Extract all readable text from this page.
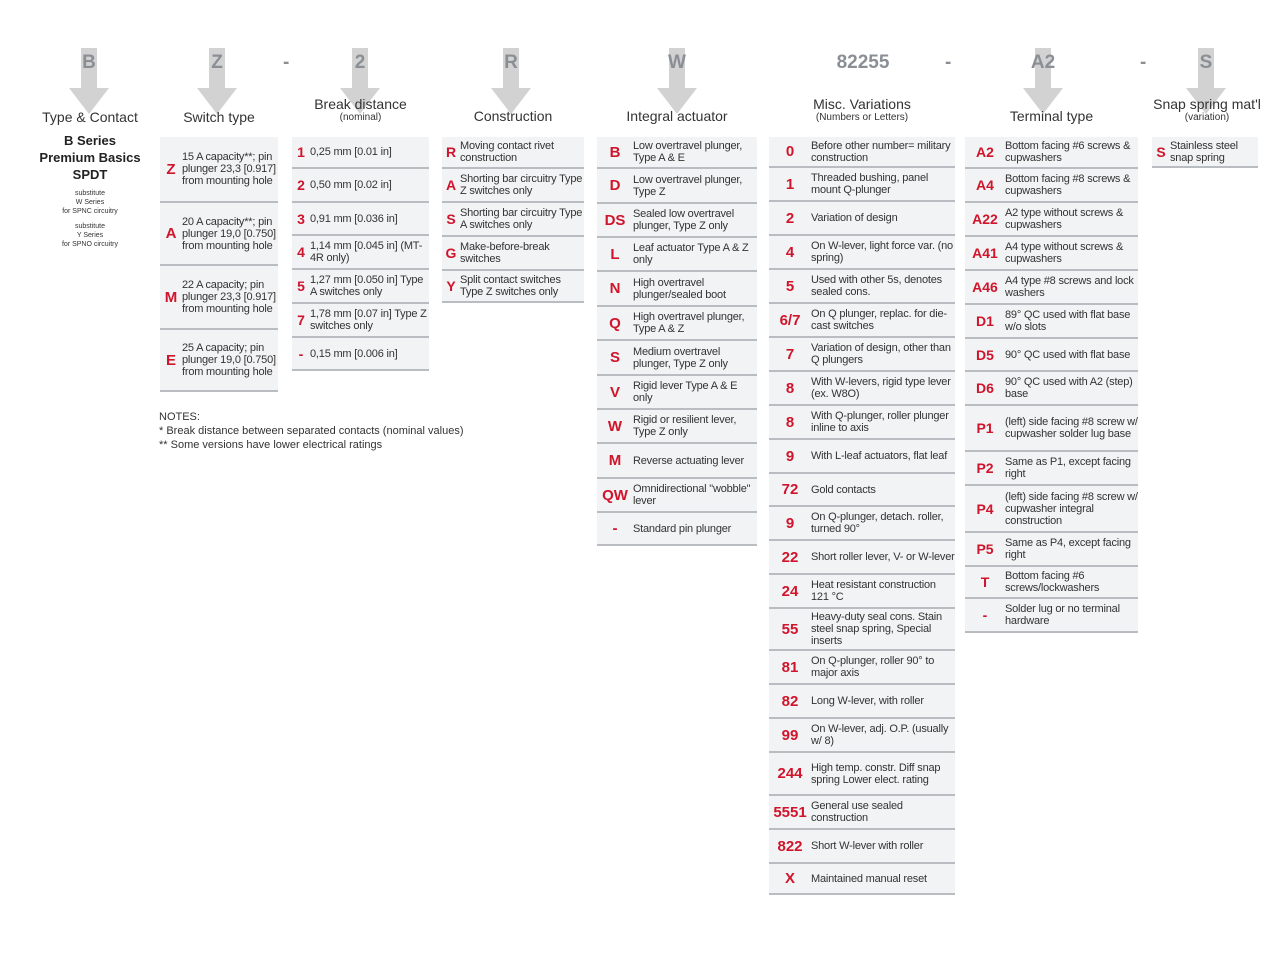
B	Z	-	2	R	W	82255	-	A2	-	S
Type & Contact	Switch type
Break distance
(nominal)	Construction	Integral actuator
Misc. Variations
(Numbers or Letters)	Terminal type
Snap spring mat'l
(variation)
B Series
Premium Basics
SPDT
substitute
W Series
for SPNC circuitry
substitute
Y Series
for SPNO circuitry
Z
15 A capacity**; pin plunger 23,3 [0.917] from mounting hole
A
20 A capacity**; pin plunger 19,0 [0.750] from mounting hole
M
22 A capacity; pin plunger 23,3 [0.917] from mounting hole
E
25 A capacity; pin plunger 19,0 [0.750] from mounting hole
1 0,25 mm [0.01 in]
2 0,50 mm [0.02 in]
3 0,91 mm [0.036 in]
4 1,14 mm [0.045 in] (MT-4R only)
5 1,27 mm [0.050 in] Type A switches only
7 1,78 mm [0.07 in] Type Z switches only
- 0,15 mm [0.006 in]
R Moving contact rivet construction
A Shorting bar circuitry Type Z switches only
S Shorting bar circuitry Type A switches only
G Make-before-break switches
Y Split contact switches Type Z switches only
B	Low overtravel plunger, Type A & E
D	Low overtravel plunger, Type Z
DS Sealed low overtravel plunger, Type Z only
L	Leaf actuator Type A & Z only
N	High overtravel plunger/sealed boot
Q	High overtravel plunger, Type A & Z
S	Medium overtravel plunger, Type Z only
V	Rigid lever Type A & E only
W Rigid or resilient lever, Type Z only
M	Reverse actuating lever
QW Omnidirectional "wobble" lever
-	Standard pin plunger
0	Before other number= military construction
1	Threaded bushing, panel mount Q-plunger
2	Variation of design
4	On W-lever, light force var. (no spring)
5	Used with other 5s, denotes sealed cons.
6/7 On Q plunger, replac. for die-cast switches
7	Variation of design, other than Q plungers
8	With W-levers, rigid type lever (ex. W8O)
8	With Q-plunger, roller plunger inline to axis
9	With L-leaf actuators, flat leaf
72	Gold contacts
9	On Q-plunger, detach. roller, turned 90°
22	Short roller lever, V- or W-lever
24	Heat resistant construction 121 °C
55
Heavy-duty seal cons. Stain steel snap spring, Special inserts
81	On Q-plunger, roller 90° to major axis
82	Long W-lever, with roller
99	On W-lever, adj. O.P. (usually w/ 8)
244 High temp. constr. Diff snap spring Lower elect. rating
5551 General use sealed construction
822 Short W-lever with roller
X	Maintained manual reset
A2	Bottom facing #6 screws & cupwashers
A4	Bottom facing #8 screws & cupwashers
A22 A2 type without screws & cupwashers
A41 A4 type without screws & cupwashers
A46 A4 type #8 screws and lock washers
D1	89° QC used with flat base w/o slots
D5	90° QC used with flat base
D6	90° QC used with A2 (step) base
P1	(left) side facing #8 screw w/ cupwasher solder lug base
P2	Same as P1, except facing right
P4
(left) side facing #8 screw w/ cupwasher integral construction
P5	Same as P4, except facing right
T	Bottom facing #6 screws/lockwashers
-	Solder lug or no terminal hardware
S Stainless steel snap spring
NOTES:
* Break distance between separated contacts (nominal values)
** Some versions have lower electrical ratings
